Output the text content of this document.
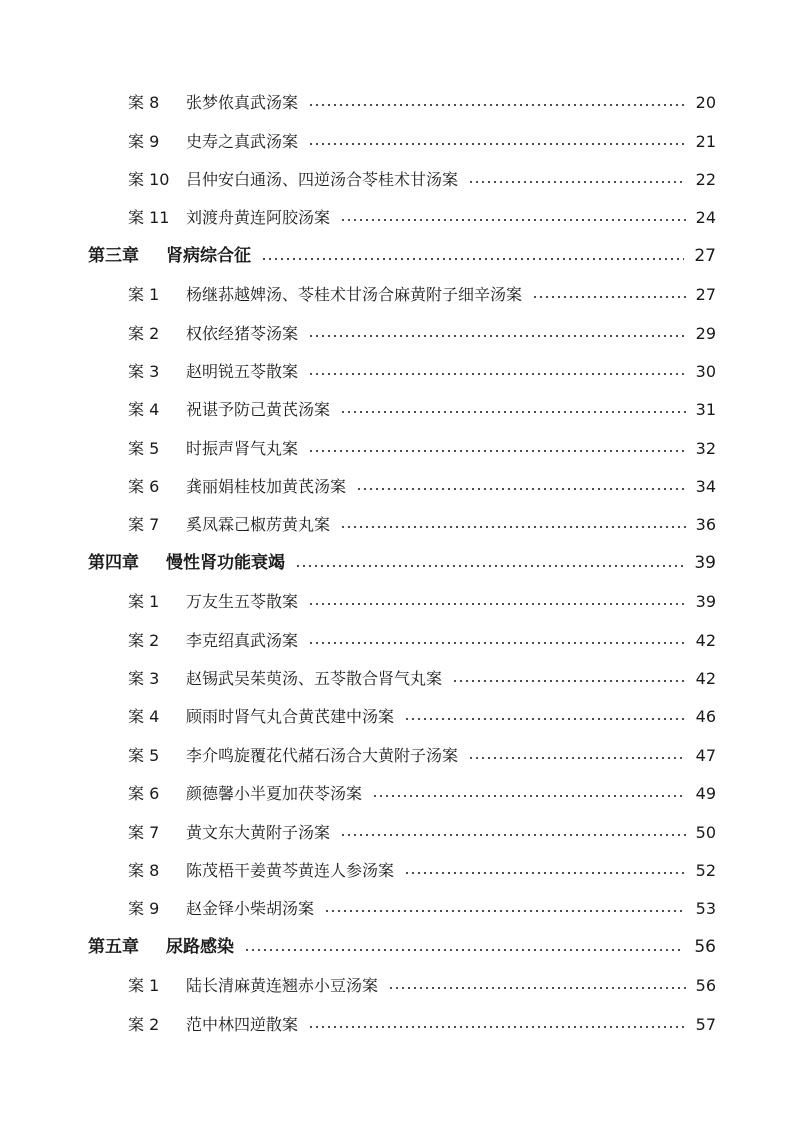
案 8	张梦侬真武汤案	20
案 9	史寿之真武汤案	21
案 10	吕仲安白通汤、四逆汤合苓桂术甘汤案	22
案 11	刘渡舟黄连阿胶汤案	24
第三章	肾病综合征	27
案 1	杨继荪越婢汤、苓桂术甘汤合麻黄附子细辛汤案	27
案 2	权依经猪苓汤案	29
案 3	赵明锐五苓散案	30
案 4	祝谌予防己黄芪汤案	31
案 5	时振声肾气丸案	32
案 6	龚丽娟桂枝加黄芪汤案	34
案 7	奚凤霖己椒苈黄丸案	36
第四章	慢性肾功能衰竭	39
案 1	万友生五苓散案	39
案 2	李克绍真武汤案	42
案 3	赵锡武吴茱萸汤、五苓散合肾气丸案	42
案 4	顾雨时肾气丸合黄芪建中汤案	46
案 5	李介鸣旋覆花代赭石汤合大黄附子汤案	47
案 6	颜德馨小半夏加茯苓汤案	49
案 7	黄文东大黄附子汤案	50
案 8	陈茂梧干姜黄芩黄连人参汤案	52
案 9	赵金铎小柴胡汤案	53
第五章	尿路感染	56
案 1	陆长清麻黄连翘赤小豆汤案	56
案 2	范中林四逆散案	57
